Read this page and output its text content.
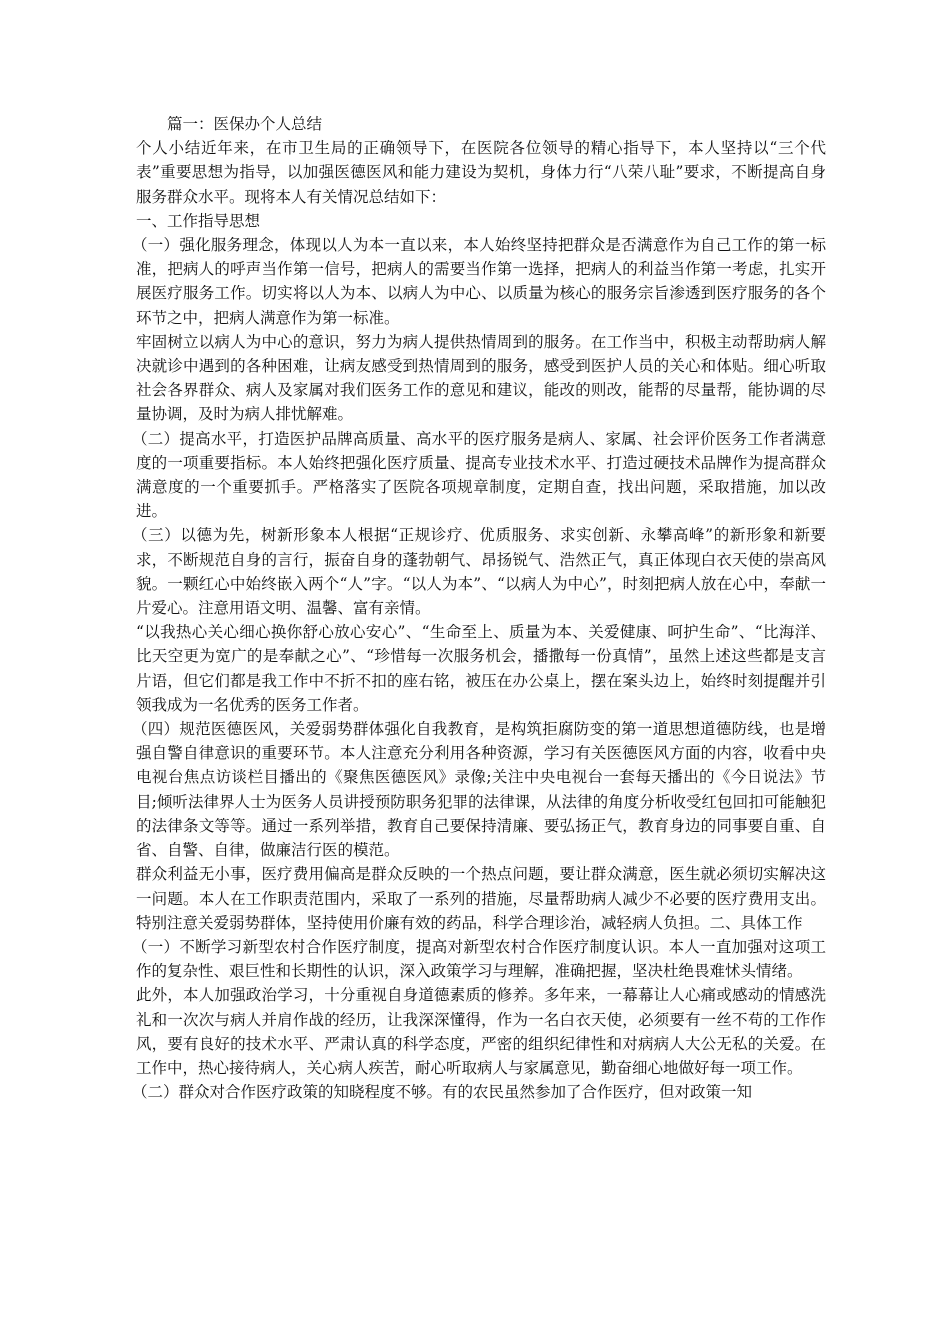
篇一：医保办个人总结

个人小结近年来，在市卫生局的正确领导下，在医院各位领导的精心指导下，本人坚持以“三个代表”重要思想为指导，以加强医德医风和能力建设为契机，身体力行“八荣八耻”要求，不断提高自身服务群众水平。现将本人有关情况总结如下：

一、工作指导思想

（一）强化服务理念，体现以人为本一直以来，本人始终坚持把群众是否满意作为自己工作的第一标准，把病人的呼声当作第一信号，把病人的需要当作第一选择，把病人的利益当作第一考虑，扎实开展医疗服务工作。切实将以人为本、以病人为中心、以质量为核心的服务宗旨渗透到医疗服务的各个环节之中，把病人满意作为第一标准。

牢固树立以病人为中心的意识，努力为病人提供热情周到的服务。在工作当中，积极主动帮助病人解决就诊中遇到的各种困难，让病友感受到热情周到的服务，感受到医护人员的关心和体贴。细心听取社会各界群众、病人及家属对我们医务工作的意见和建议，能改的则改，能帮的尽量帮，能协调的尽量协调，及时为病人排忧解难。

（二）提高水平，打造医护品牌高质量、高水平的医疗服务是病人、家属、社会评价医务工作者满意度的一项重要指标。本人始终把强化医疗质量、提高专业技术水平、打造过硬技术品牌作为提高群众满意度的一个重要抓手。严格落实了医院各项规章制度，定期自查，找出问题，采取措施，加以改进。

（三）以德为先，树新形象本人根据“正规诊疗、优质服务、求实创新、永攀高峰”的新形象和新要求，不断规范自身的言行，振奋自身的蓬勃朝气、昂扬锐气、浩然正气，真正体现白衣天使的崇高风貌。一颗红心中始终嵌入两个“人”字。“以人为本”、“以病人为中心”，时刻把病人放在心中，奉献一片爱心。注意用语文明、温馨、富有亲情。

“以我热心关心细心换你舒心放心安心”、“生命至上、质量为本、关爱健康、呵护生命”、“比海洋、比天空更为宽广的是奉献之心”、“珍惜每一次服务机会，播撒每一份真情”，虽然上述这些都是支言片语，但它们都是我工作中不折不扣的座右铭，被压在办公桌上，摆在案头边上，始终时刻提醒并引领我成为一名优秀的医务工作者。

（四）规范医德医风，关爱弱势群体强化自我教育，是构筑拒腐防变的第一道思想道德防线，也是增强自警自律意识的重要环节。本人注意充分利用各种资源，学习有关医德医风方面的内容，收看中央电视台焦点访谈栏目播出的《聚焦医德医风》录像;关注中央电视台一套每天播出的《今日说法》节目;倾听法律界人士为医务人员讲授预防职务犯罪的法律课，从法律的角度分析收受红包回扣可能触犯的法律条文等等。通过一系列举措，教育自己要保持清廉、要弘扬正气，教育身边的同事要自重、自省、自警、自律，做廉洁行医的模范。

群众利益无小事，医疗费用偏高是群众反映的一个热点问题，要让群众满意，医生就必须切实解决这一问题。本人在工作职责范围内，采取了一系列的措施，尽量帮助病人减少不必要的医疗费用支出。特别注意关爱弱势群体，坚持使用价廉有效的药品，科学合理诊治，减轻病人负担。二、具体工作

（一）不断学习新型农村合作医疗制度，提高对新型农村合作医疗制度认识。本人一直加强对这项工作的复杂性、艰巨性和长期性的认识，深入政策学习与理解，准确把握，坚决杜绝畏难怵头情绪。

此外，本人加强政治学习，十分重视自身道德素质的修养。多年来，一幕幕让人心痛或感动的情感洗礼和一次次与病人并肩作战的经历，让我深深懂得，作为一名白衣天使，必须要有一丝不苟的工作作风，要有良好的技术水平、严肃认真的科学态度，严密的组织纪律性和对病病人大公无私的关爱。在工作中，热心接待病人，关心病人疾苦，耐心听取病人与家属意见，勤奋细心地做好每一项工作。

（二）群众对合作医疗政策的知晓程度不够。有的农民虽然参加了合作医疗，但对政策一知
